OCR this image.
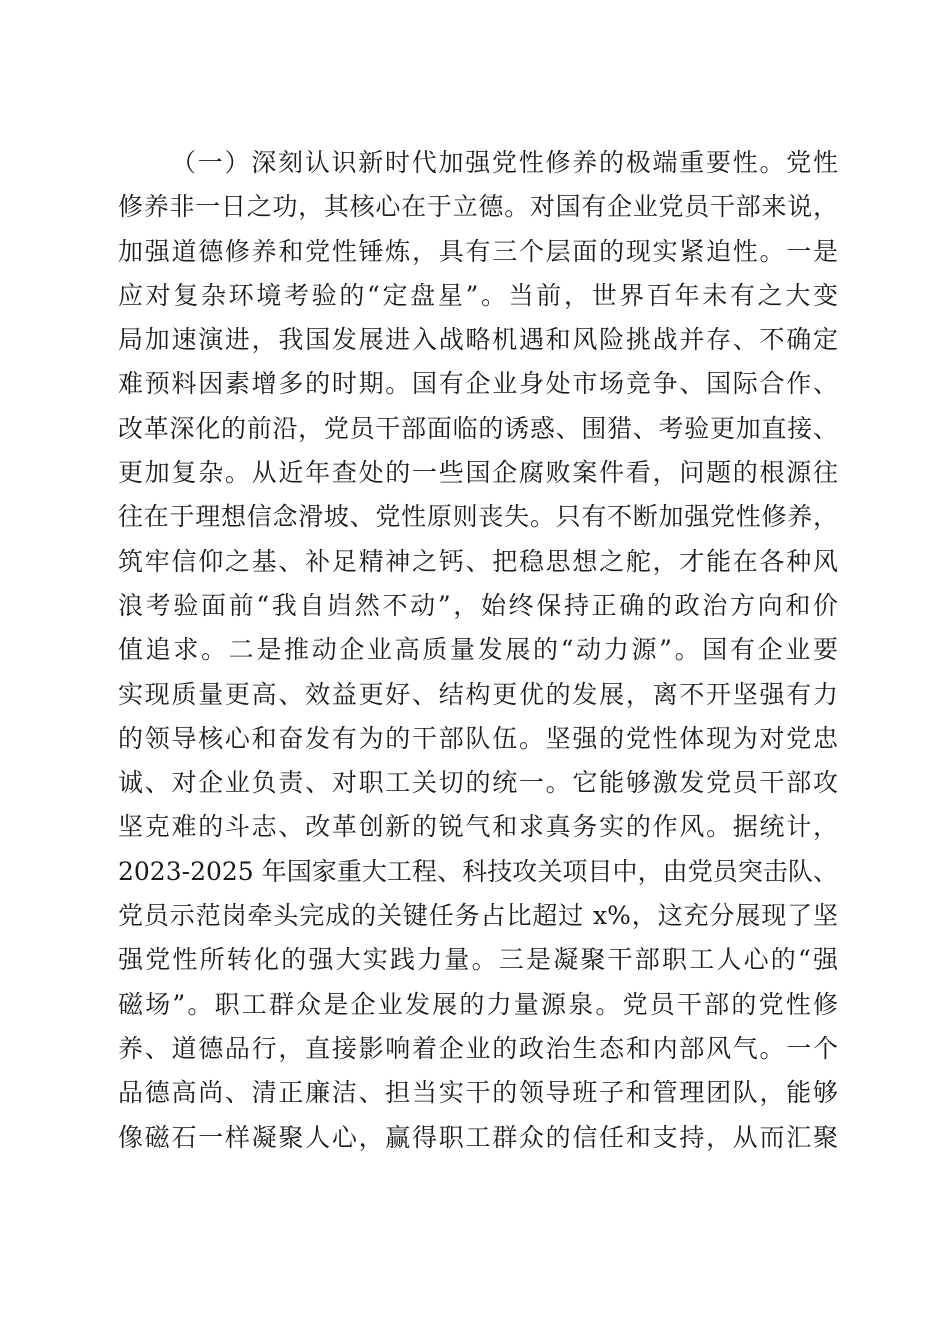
（一）深刻认识新时代加强党性修养的极端重要性。党性
修养非一日之功，其核心在于立德。对国有企业党员干部来说，
加强道德修养和党性锤炼，具有三个层面的现实紧迫性。一是
应对复杂环境考验的“定盘星”。当前，世界百年未有之大变
局加速演进，我国发展进入战略机遇和风险挑战并存、不确定
难预料因素增多的时期。国有企业身处市场竞争、国际合作、
改革深化的前沿，党员干部面临的诱惑、围猎、考验更加直接、
更加复杂。从近年查处的一些国企腐败案件看，问题的根源往
往在于理想信念滑坡、党性原则丧失。只有不断加强党性修养，
筑牢信仰之基、补足精神之钙、把稳思想之舵，才能在各种风
浪考验面前“我自岿然不动”，始终保持正确的政治方向和价
值追求。二是推动企业高质量发展的“动力源”。国有企业要
实现质量更高、效益更好、结构更优的发展，离不开坚强有力
的领导核心和奋发有为的干部队伍。坚强的党性体现为对党忠
诚、对企业负责、对职工关切的统一。它能够激发党员干部攻
坚克难的斗志、改革创新的锐气和求真务实的作风。据统计，
2023-2025 年国家重大工程、科技攻关项目中，由党员突击队、
党员示范岗牵头完成的关键任务占比超过 x%，这充分展现了坚
强党性所转化的强大实践力量。三是凝聚干部职工人心的“强
磁场”。职工群众是企业发展的力量源泉。党员干部的党性修
养、道德品行，直接影响着企业的政治生态和内部风气。一个
品德高尚、清正廉洁、担当实干的领导班子和管理团队，能够
像磁石一样凝聚人心，赢得职工群众的信任和支持，从而汇聚
